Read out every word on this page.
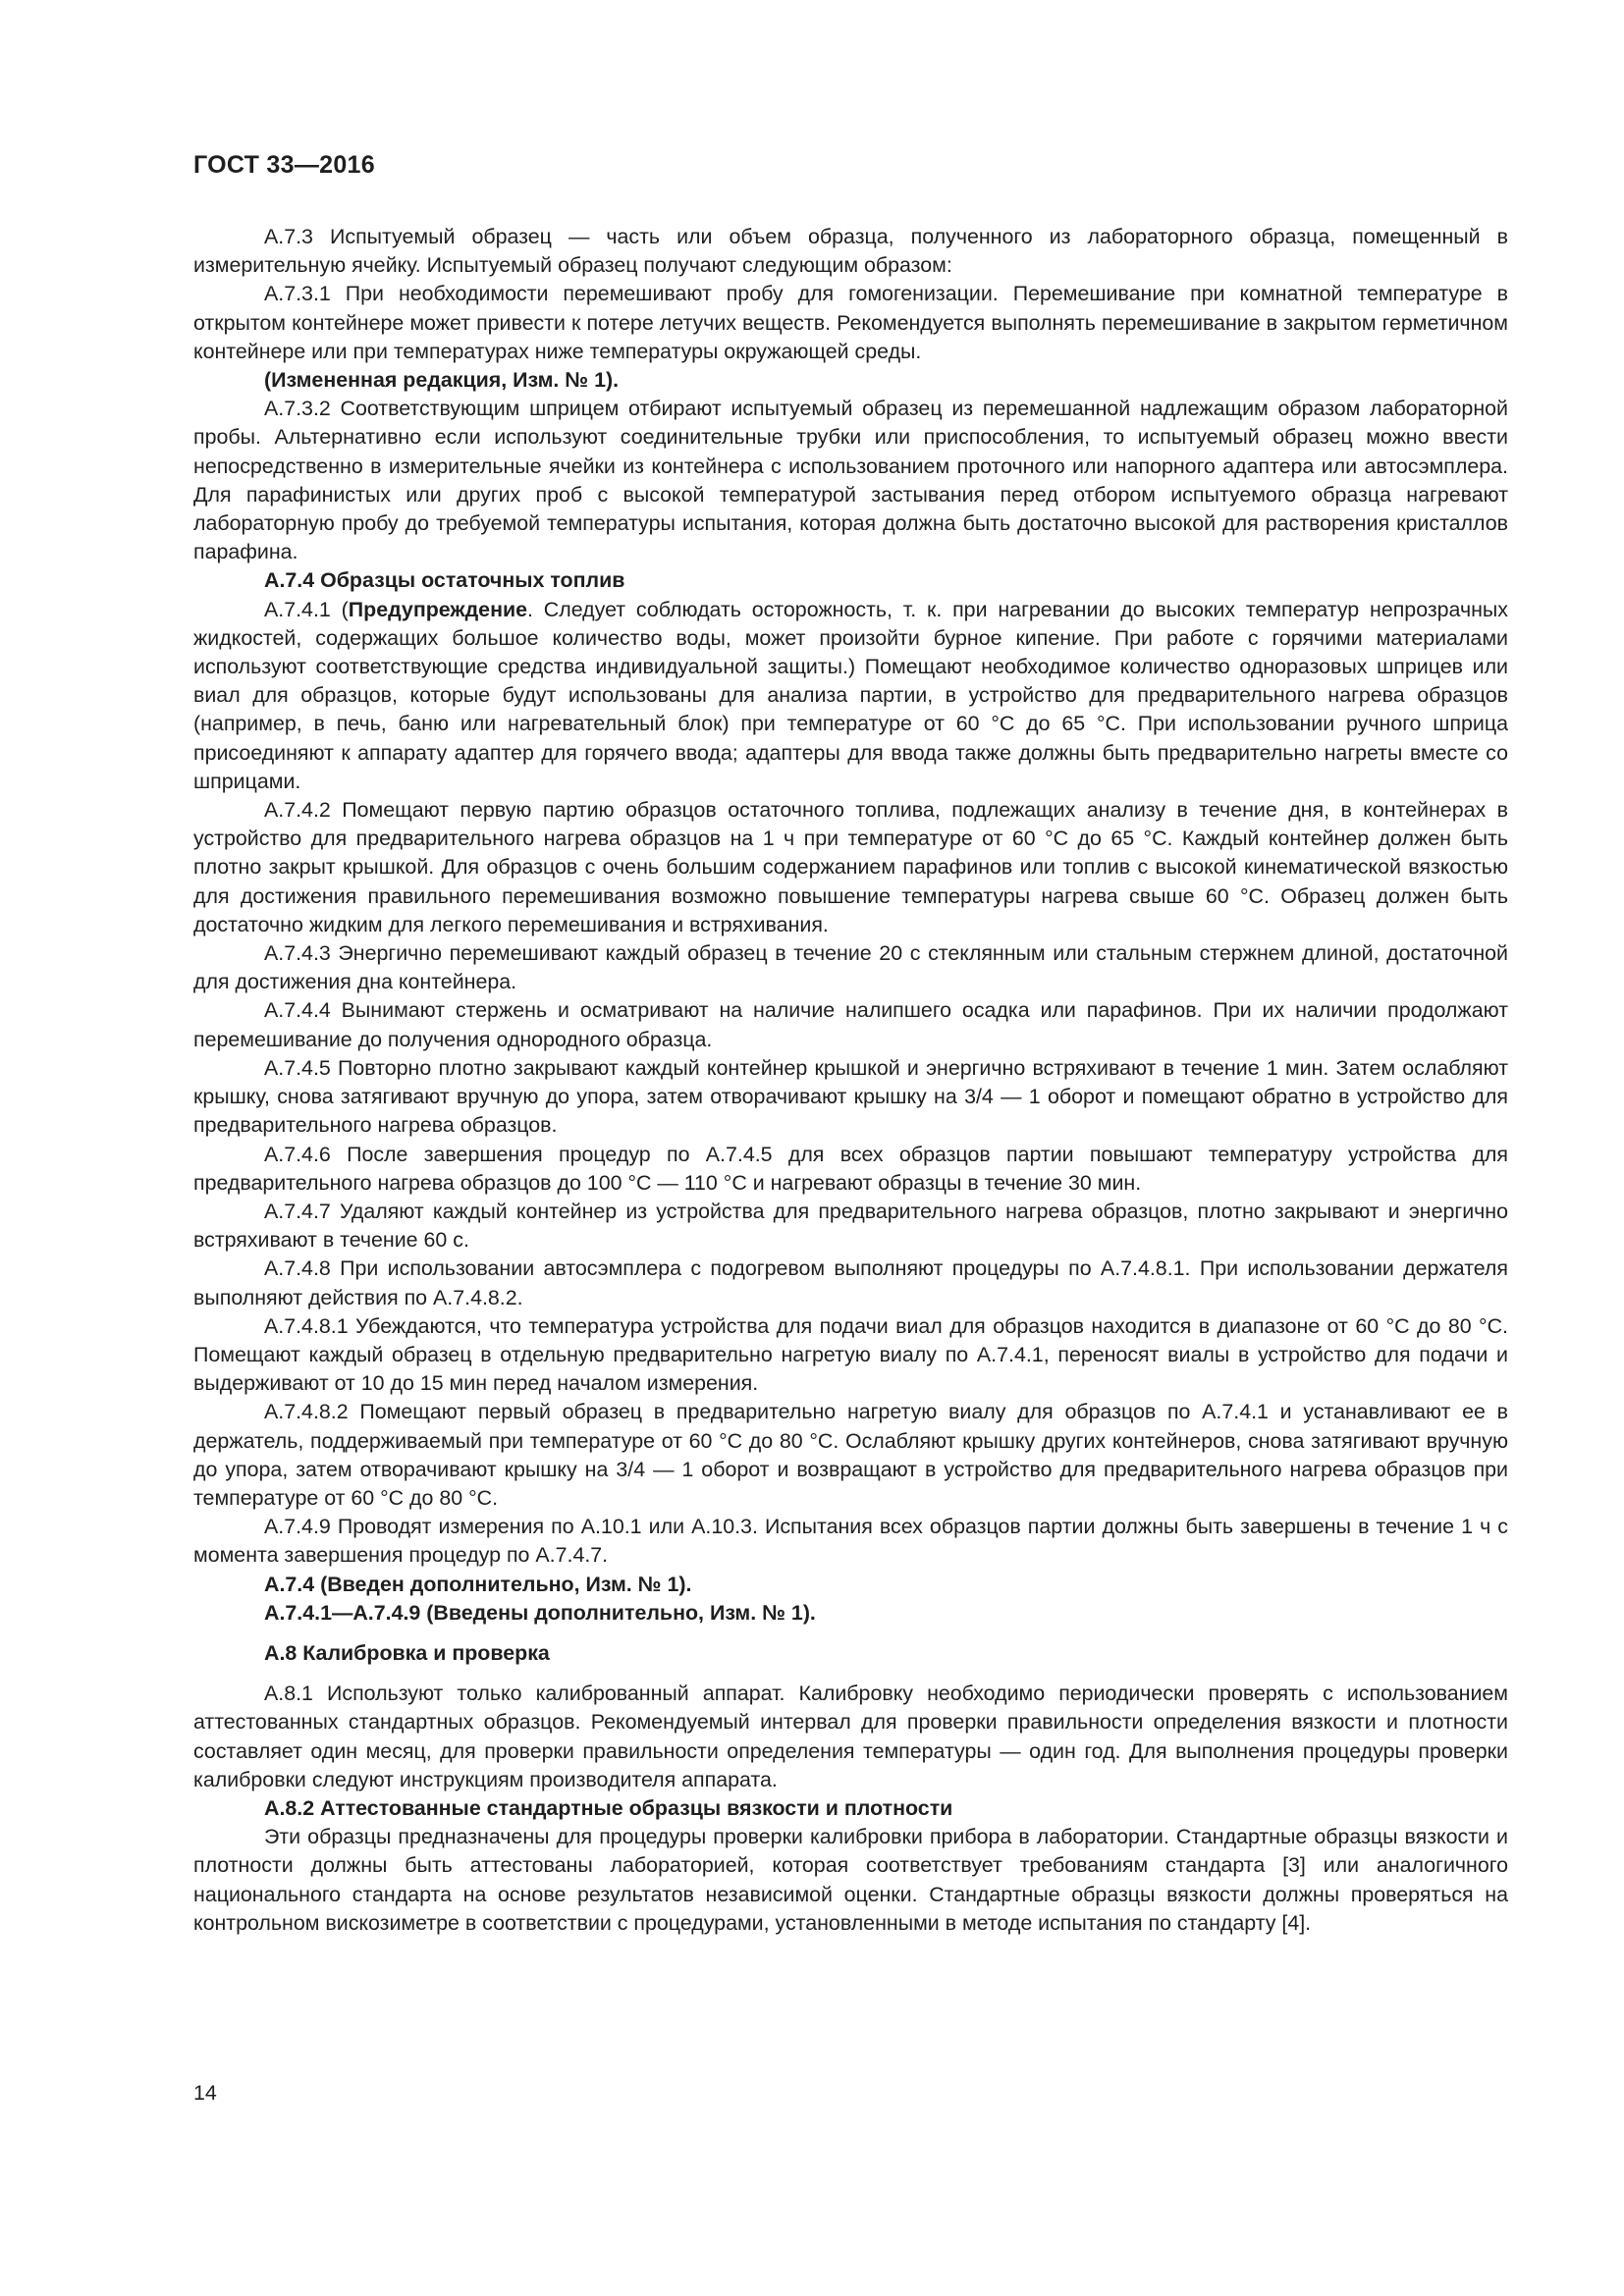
ГОСТ 33—2016

А.7.3 Испытуемый образец — часть или объем образца, полученного из лабораторного образца, помещенный в измерительную ячейку. Испытуемый образец получают следующим образом:

А.7.3.1 При необходимости перемешивают пробу для гомогенизации. Перемешивание при комнатной температуре в открытом контейнере может привести к потере летучих веществ. Рекомендуется выполнять перемешивание в закрытом герметичном контейнере или при температурах ниже температуры окружающей среды.

(Измененная редакция, Изм. № 1).

А.7.3.2 Соответствующим шприцем отбирают испытуемый образец из перемешанной надлежащим образом лабораторной пробы. Альтернативно если используют соединительные трубки или приспособления, то испытуемый образец можно ввести непосредственно в измерительные ячейки из контейнера с использованием проточного или напорного адаптера или автосэмплера. Для парафинистых или других проб с высокой температурой застывания перед отбором испытуемого образца нагревают лабораторную пробу до требуемой температуры испытания, которая должна быть достаточно высокой для растворения кристаллов парафина.

А.7.4 Образцы остаточных топлив

А.7.4.1 (Предупреждение. Следует соблюдать осторожность, т. к. при нагревании до высоких температур непрозрачных жидкостей, содержащих большое количество воды, может произойти бурное кипение. При работе с горячими материалами используют соответствующие средства индивидуальной защиты.) Помещают необходимое количество одноразовых шприцев или виал для образцов, которые будут использованы для анализа партии, в устройство для предварительного нагрева образцов (например, в печь, баню или нагревательный блок) при температуре от 60 °С до 65 °С. При использовании ручного шприца присоединяют к аппарату адаптер для горячего ввода; адаптеры для ввода также должны быть предварительно нагреты вместе со шприцами.

А.7.4.2 Помещают первую партию образцов остаточного топлива, подлежащих анализу в течение дня, в контейнерах в устройство для предварительного нагрева образцов на 1 ч при температуре от 60 °С до 65 °С. Каждый контейнер должен быть плотно закрыт крышкой. Для образцов с очень большим содержанием парафинов или топлив с высокой кинематической вязкостью для достижения правильного перемешивания возможно повышение температуры нагрева свыше 60 °С. Образец должен быть достаточно жидким для легкого перемешивания и встряхивания.

А.7.4.3 Энергично перемешивают каждый образец в течение 20 с стеклянным или стальным стержнем длиной, достаточной для достижения дна контейнера.

А.7.4.4 Вынимают стержень и осматривают на наличие налипшего осадка или парафинов. При их наличии продолжают перемешивание до получения однородного образца.

А.7.4.5 Повторно плотно закрывают каждый контейнер крышкой и энергично встряхивают в течение 1 мин. Затем ослабляют крышку, снова затягивают вручную до упора, затем отворачивают крышку на 3/4 — 1 оборот и помещают обратно в устройство для предварительного нагрева образцов.

А.7.4.6 После завершения процедур по А.7.4.5 для всех образцов партии повышают температуру устройства для предварительного нагрева образцов до 100 °С — 110 °С и нагревают образцы в течение 30 мин.

А.7.4.7 Удаляют каждый контейнер из устройства для предварительного нагрева образцов, плотно закрывают и энергично встряхивают в течение 60 с.

А.7.4.8 При использовании автосэмплера с подогревом выполняют процедуры по А.7.4.8.1. При использовании держателя выполняют действия по А.7.4.8.2.

А.7.4.8.1 Убеждаются, что температура устройства для подачи виал для образцов находится в диапазоне от 60 °С до 80 °С. Помещают каждый образец в отдельную предварительно нагретую виалу по А.7.4.1, переносят виалы в устройство для подачи и выдерживают от 10 до 15 мин перед началом измерения.

А.7.4.8.2 Помещают первый образец в предварительно нагретую виалу для образцов по А.7.4.1 и устанавливают ее в держатель, поддерживаемый при температуре от 60 °С до 80 °С. Ослабляют крышку других контейнеров, снова затягивают вручную до упора, затем отворачивают крышку на 3/4 — 1 оборот и возвращают в устройство для предварительного нагрева образцов при температуре от 60 °С до 80 °С.

А.7.4.9 Проводят измерения по А.10.1 или А.10.3. Испытания всех образцов партии должны быть завершены в течение 1 ч с момента завершения процедур по А.7.4.7.

А.7.4 (Введен дополнительно, Изм. № 1).

А.7.4.1—А.7.4.9 (Введены дополнительно, Изм. № 1).

А.8 Калибровка и проверка

А.8.1 Используют только калиброванный аппарат. Калибровку необходимо периодически проверять с использованием аттестованных стандартных образцов. Рекомендуемый интервал для проверки правильности определения вязкости и плотности составляет один месяц, для проверки правильности определения температуры — один год. Для выполнения процедуры проверки калибровки следуют инструкциям производителя аппарата.

А.8.2 Аттестованные стандартные образцы вязкости и плотности

Эти образцы предназначены для процедуры проверки калибровки прибора в лаборатории. Стандартные образцы вязкости и плотности должны быть аттестованы лабораторией, которая соответствует требованиям стандарта [3] или аналогичного национального стандарта на основе результатов независимой оценки. Стандартные образцы вязкости должны проверяться на контрольном вискозиметре в соответствии с процедурами, установленными в методе испытания по стандарту [4].

14
